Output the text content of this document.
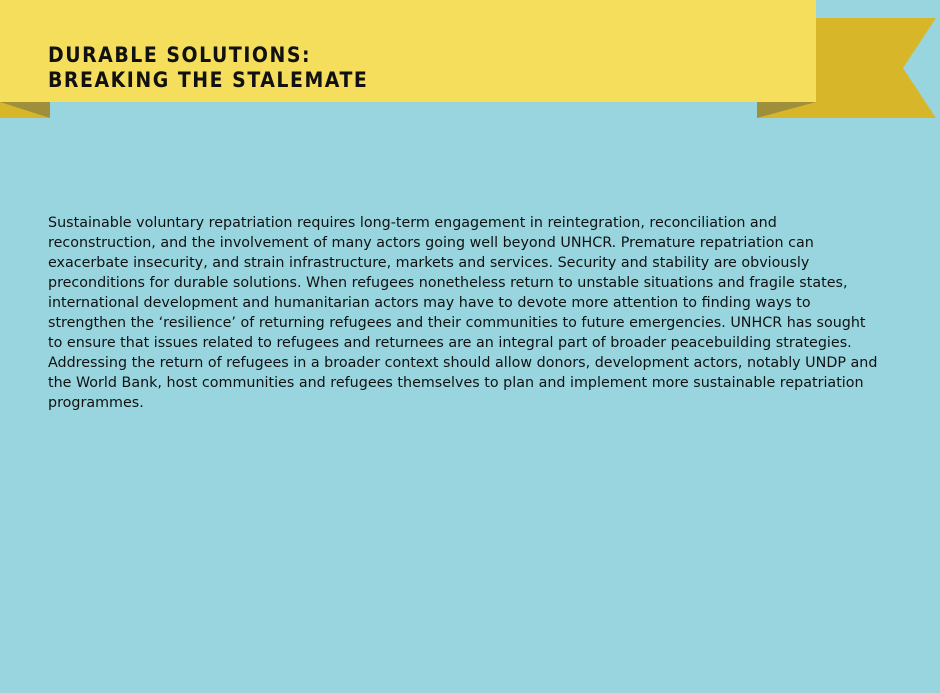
DURABLE SOLUTIONS:
BREAKING THE STALEMATE

Sustainable voluntary repatriation requires long-term engagement in reintegration, reconciliation and reconstruction, and the involvement of many actors going well beyond UNHCR. Premature repatriation can exacerbate insecurity, and strain infrastructure, markets and services. Security and stability are obviously preconditions for durable solutions. When refugees nonetheless return to unstable situations and fragile states, international development and humanitarian actors may have to devote more attention to finding ways to strengthen the ‘resilience’ of returning refugees and their communities to future emergencies. UNHCR has sought to ensure that issues related to refugees and returnees are an integral part of broader peacebuilding strategies. Addressing the return of refugees in a broader context should allow donors, development actors, notably UNDP and the World Bank, host communities and refugees themselves to plan and implement more sustainable repatriation programmes.
